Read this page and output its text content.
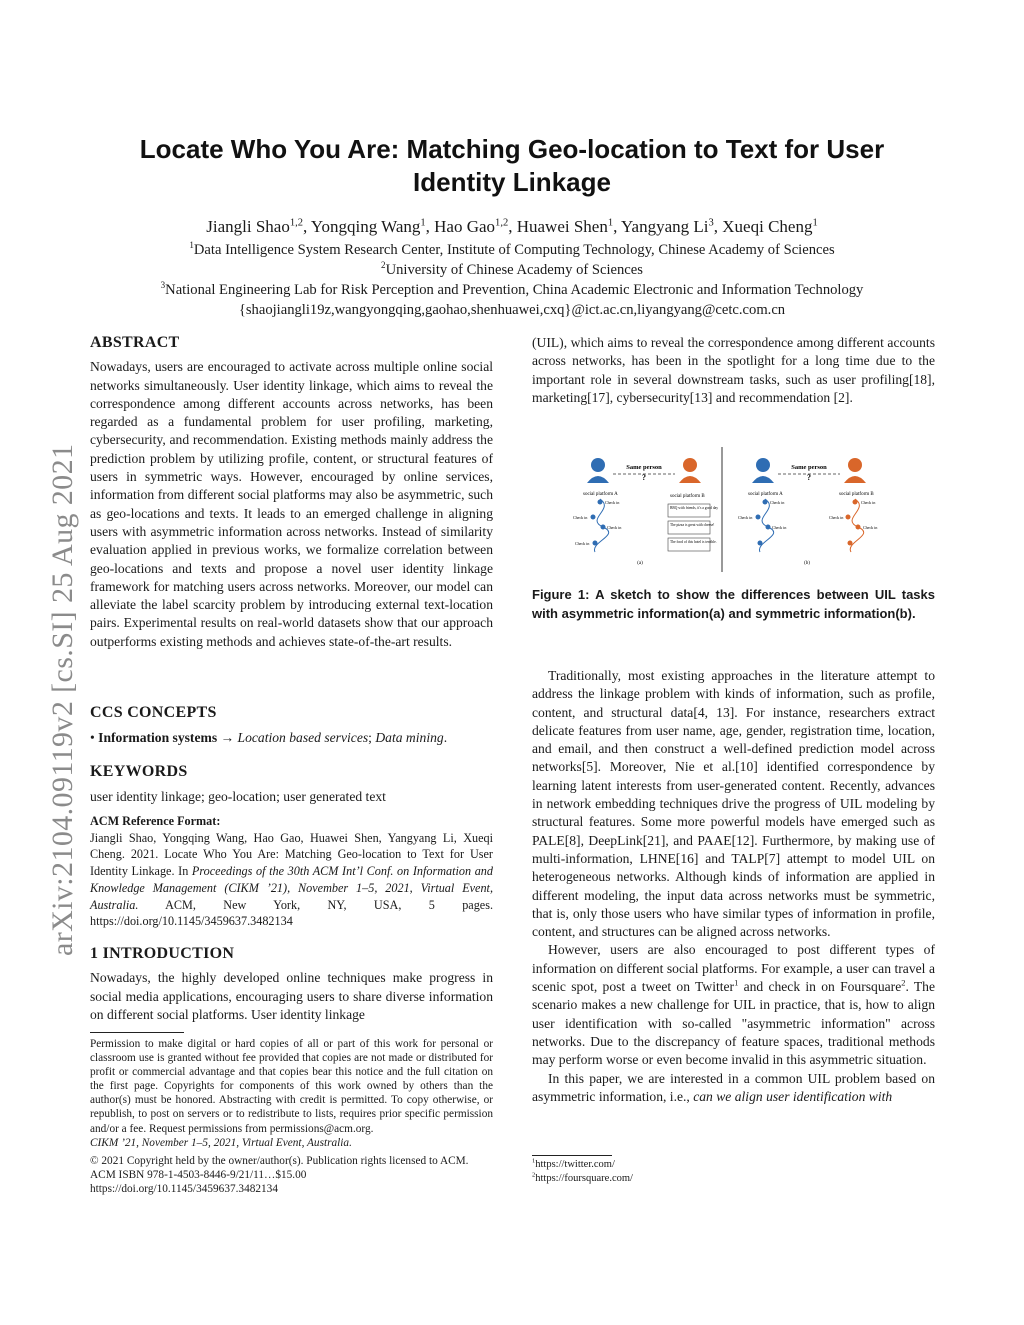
arXiv:2104.09119v2 [cs.SI] 25 Aug 2021
Locate Who You Are: Matching Geo-location to Text for User
Identity Linkage
Jiangli Shao$^{1,2}$, Yongqing Wang$^1$, Hao Gao$^{1,2}$, Huawei Shen$^1$, Yangyang Li$^3$, Xueqi Cheng$^1$
$^1$Data Intelligence System Research Center, Institute of Computing Technology, Chinese Academy of Sciences
$^2$University of Chinese Academy of Sciences
$^3$National Engineering Lab for Risk Perception and Prevention, China Academic Electronic and Information Technology
{shaojiangli19z,wangyongqing,gaohao,shenhuawei,cxq}@ict.ac.cn,liyangyang@cetc.com.cn
ABSTRACT

Nowadays, users are encouraged to activate across multiple online social networks simultaneously. User identity linkage, which aims to reveal the correspondence among different accounts across networks, has been regarded as a fundamental problem for user profiling, marketing, cybersecurity, and recommendation. Existing methods mainly address the prediction problem by utilizing profile, content, or structural features of users in symmetric ways. However, encouraged by online services, information from different social platforms may also be asymmetric, such as geo-locations and texts. It leads to an emerged challenge in aligning users with asymmetric information across networks. Instead of similarity evaluation applied in previous works, we formalize correlation between geo-locations and texts and propose a novel user identity linkage framework for matching users across networks. Moreover, our model can alleviate the label scarcity problem by introducing external text-location pairs. Experimental results on real-world datasets show that our approach outperforms existing methods and achieves state-of-the-art results.

CCS CONCEPTS

• Information systems → Location based services; Data mining.

KEYWORDS

user identity linkage; geo-location; user generated text

ACM Reference Format:

Jiangli Shao, Yongqing Wang, Hao Gao, Huawei Shen, Yangyang Li, Xueqi Cheng. 2021. Locate Who You Are: Matching Geo-location to Text for User Identity Linkage. In Proceedings of the 30th ACM Int’l Conf. on Information and Knowledge Management (CIKM ’21), November 1–5, 2021, Virtual Event, Australia. ACM, New York, NY, USA, 5 pages. https://doi.org/10.1145/3459637.3482134

1 INTRODUCTION

Nowadays, the highly developed online techniques make progress in social media applications, encouraging users to share diverse information on different social platforms. User identity linkage

Permission to make digital or hard copies of all or part of this work for personal or classroom use is granted without fee provided that copies are not made or distributed for profit or commercial advantage and that copies bear this notice and the full citation on the first page. Copyrights for components of this work owned by others than the author(s) must be honored. Abstracting with credit is permitted. To copy otherwise, or republish, to post on servers or to redistribute to lists, requires prior specific permission and/or a fee. Request permissions from permissions@acm.org.

CIKM ’21, November 1–5, 2021, Virtual Event, Australia.

© 2021 Copyright held by the owner/author(s). Publication rights licensed to ACM.

ACM ISBN 978-1-4503-8446-9/21/11…$15.00

https://doi.org/10.1145/3459637.3482134

(UIL), which aims to reveal the correspondence among different accounts across networks, has been in the spotlight for a long time due to the important role in several downstream tasks, such as user profiling[18], marketing[17], cybersecurity[13] and recommendation [2].
Same person
?
social platform A	social platform B
Check in
Check in
Check in
Check in
BBQ with friends, it's a good day
The pizza is great with cheese!
The food of this hotel is terrible.
(a)
Same person
?
social platform A	social platform B
Check in
Check in
Check in
Check in
Check in
Check in
(b)
Figure 1: A sketch to show the differences between UIL tasks with asymmetric information(a) and symmetric information(b).

Traditionally, most existing approaches in the literature attempt to address the linkage problem with kinds of information, such as profile, content, and structural data[4, 13]. For instance, researchers extract delicate features from user name, age, gender, registration time, location, and email, and then construct a well-defined prediction model across networks[5]. Moreover, Nie et al.[10] identified correspondence by learning latent interests from user-generated content. Recently, advances in network embedding techniques drive the progress of UIL modeling by structural features. Some more powerful models have emerged such as PALE[8], DeepLink[21], and PAAE[12]. Furthermore, by making use of multi-information, LHNE[16] and TALP[7] attempt to model UIL on heterogeneous networks. Although kinds of information are applied in different modeling, the input data across networks must be symmetric, that is, only those users who have similar types of information in profile, content, and structures can be aligned across networks.

However, users are also encouraged to post different types of information on different social platforms. For example, a user can travel a scenic spot, post a tweet on Twitter$^1$ and check in on Foursquare$^2$. The scenario makes a new challenge for UIL in practice, that is, how to align user identification with so-called "asymmetric information" across networks. Due to the discrepancy of feature spaces, traditional methods may perform worse or even become invalid in this asymmetric situation.

In this paper, we are interested in a common UIL problem based on asymmetric information, i.e., can we align user identification with

$^1$https://twitter.com/
$^2$https://foursquare.com/
